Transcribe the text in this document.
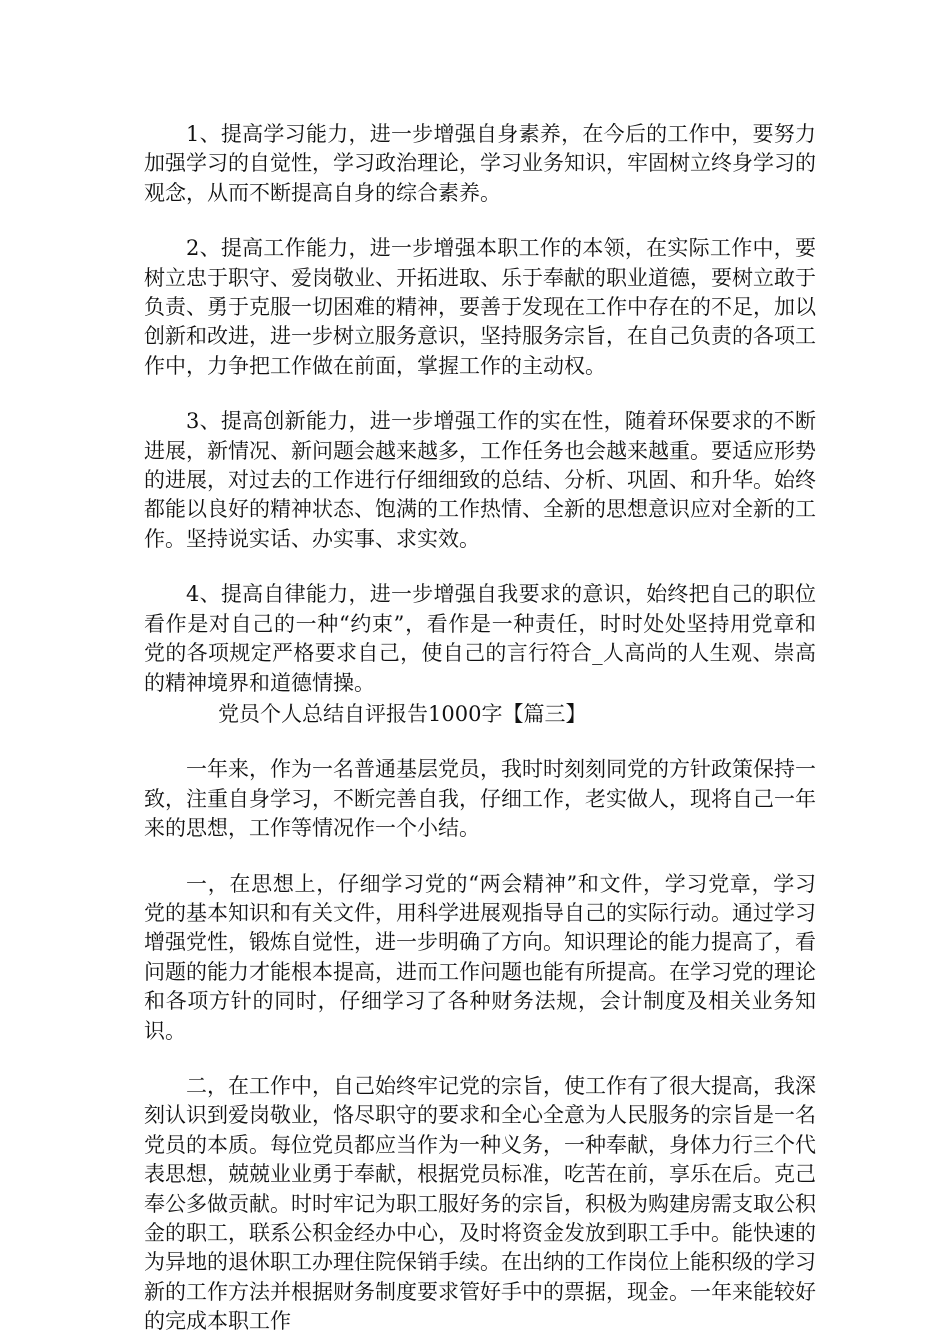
1、提高学习能力，进一步增强自身素养，在今后的工作中，要努力加强学习的自觉性，学习政治理论，学习业务知识，牢固树立终身学习的观念，从而不断提高自身的综合素养。

2、提高工作能力，进一步增强本职工作的本领，在实际工作中，要树立忠于职守、爱岗敬业、开拓进取、乐于奉献的职业道德，要树立敢于负责、勇于克服一切困难的精神，要善于发现在工作中存在的不足，加以创新和改进，进一步树立服务意识，坚持服务宗旨，在自己负责的各项工作中，力争把工作做在前面，掌握工作的主动权。

3、提高创新能力，进一步增强工作的实在性，随着环保要求的不断进展，新情况、新问题会越来越多，工作任务也会越来越重。要适应形势的进展，对过去的工作进行仔细细致的总结、分析、巩固、和升华。始终都能以良好的精神状态、饱满的工作热情、全新的思想意识应对全新的工作。坚持说实话、办实事、求实效。

4、提高自律能力，进一步增强自我要求的意识，始终把自己的职位看作是对自己的一种“约束”，看作是一种责任，时时处处坚持用党章和党的各项规定严格要求自己，使自己的言行符合_人高尚的人生观、崇高的精神境界和道德情操。

党员个人总结自评报告1000字【篇三】

一年来，作为一名普通基层党员，我时时刻刻同党的方针政策保持一致，注重自身学习，不断完善自我，仔细工作，老实做人，现将自己一年来的思想，工作等情况作一个小结。

一，在思想上，仔细学习党的“两会精神”和文件，学习党章，学习党的基本知识和有关文件，用科学进展观指导自己的实际行动。通过学习增强党性，锻炼自觉性，进一步明确了方向。知识理论的能力提高了，看问题的能力才能根本提高，进而工作问题也能有所提高。在学习党的理论和各项方针的同时，仔细学习了各种财务法规，会计制度及相关业务知识。

二，在工作中，自己始终牢记党的宗旨，使工作有了很大提高，我深刻认识到爱岗敬业，恪尽职守的要求和全心全意为人民服务的宗旨是一名党员的本质。每位党员都应当作为一种义务，一种奉献，身体力行三个代表思想，兢兢业业勇于奉献，根据党员标准，吃苦在前，享乐在后。克己奉公多做贡献。时时牢记为职工服好务的宗旨，积极为购建房需支取公积金的职工，联系公积金经办中心，及时将资金发放到职工手中。能快速的为异地的退休职工办理住院保销手续。在出纳的工作岗位上能积级的学习新的工作方法并根据财务制度要求管好手中的票据，现金。一年来能较好的完成本职工作
